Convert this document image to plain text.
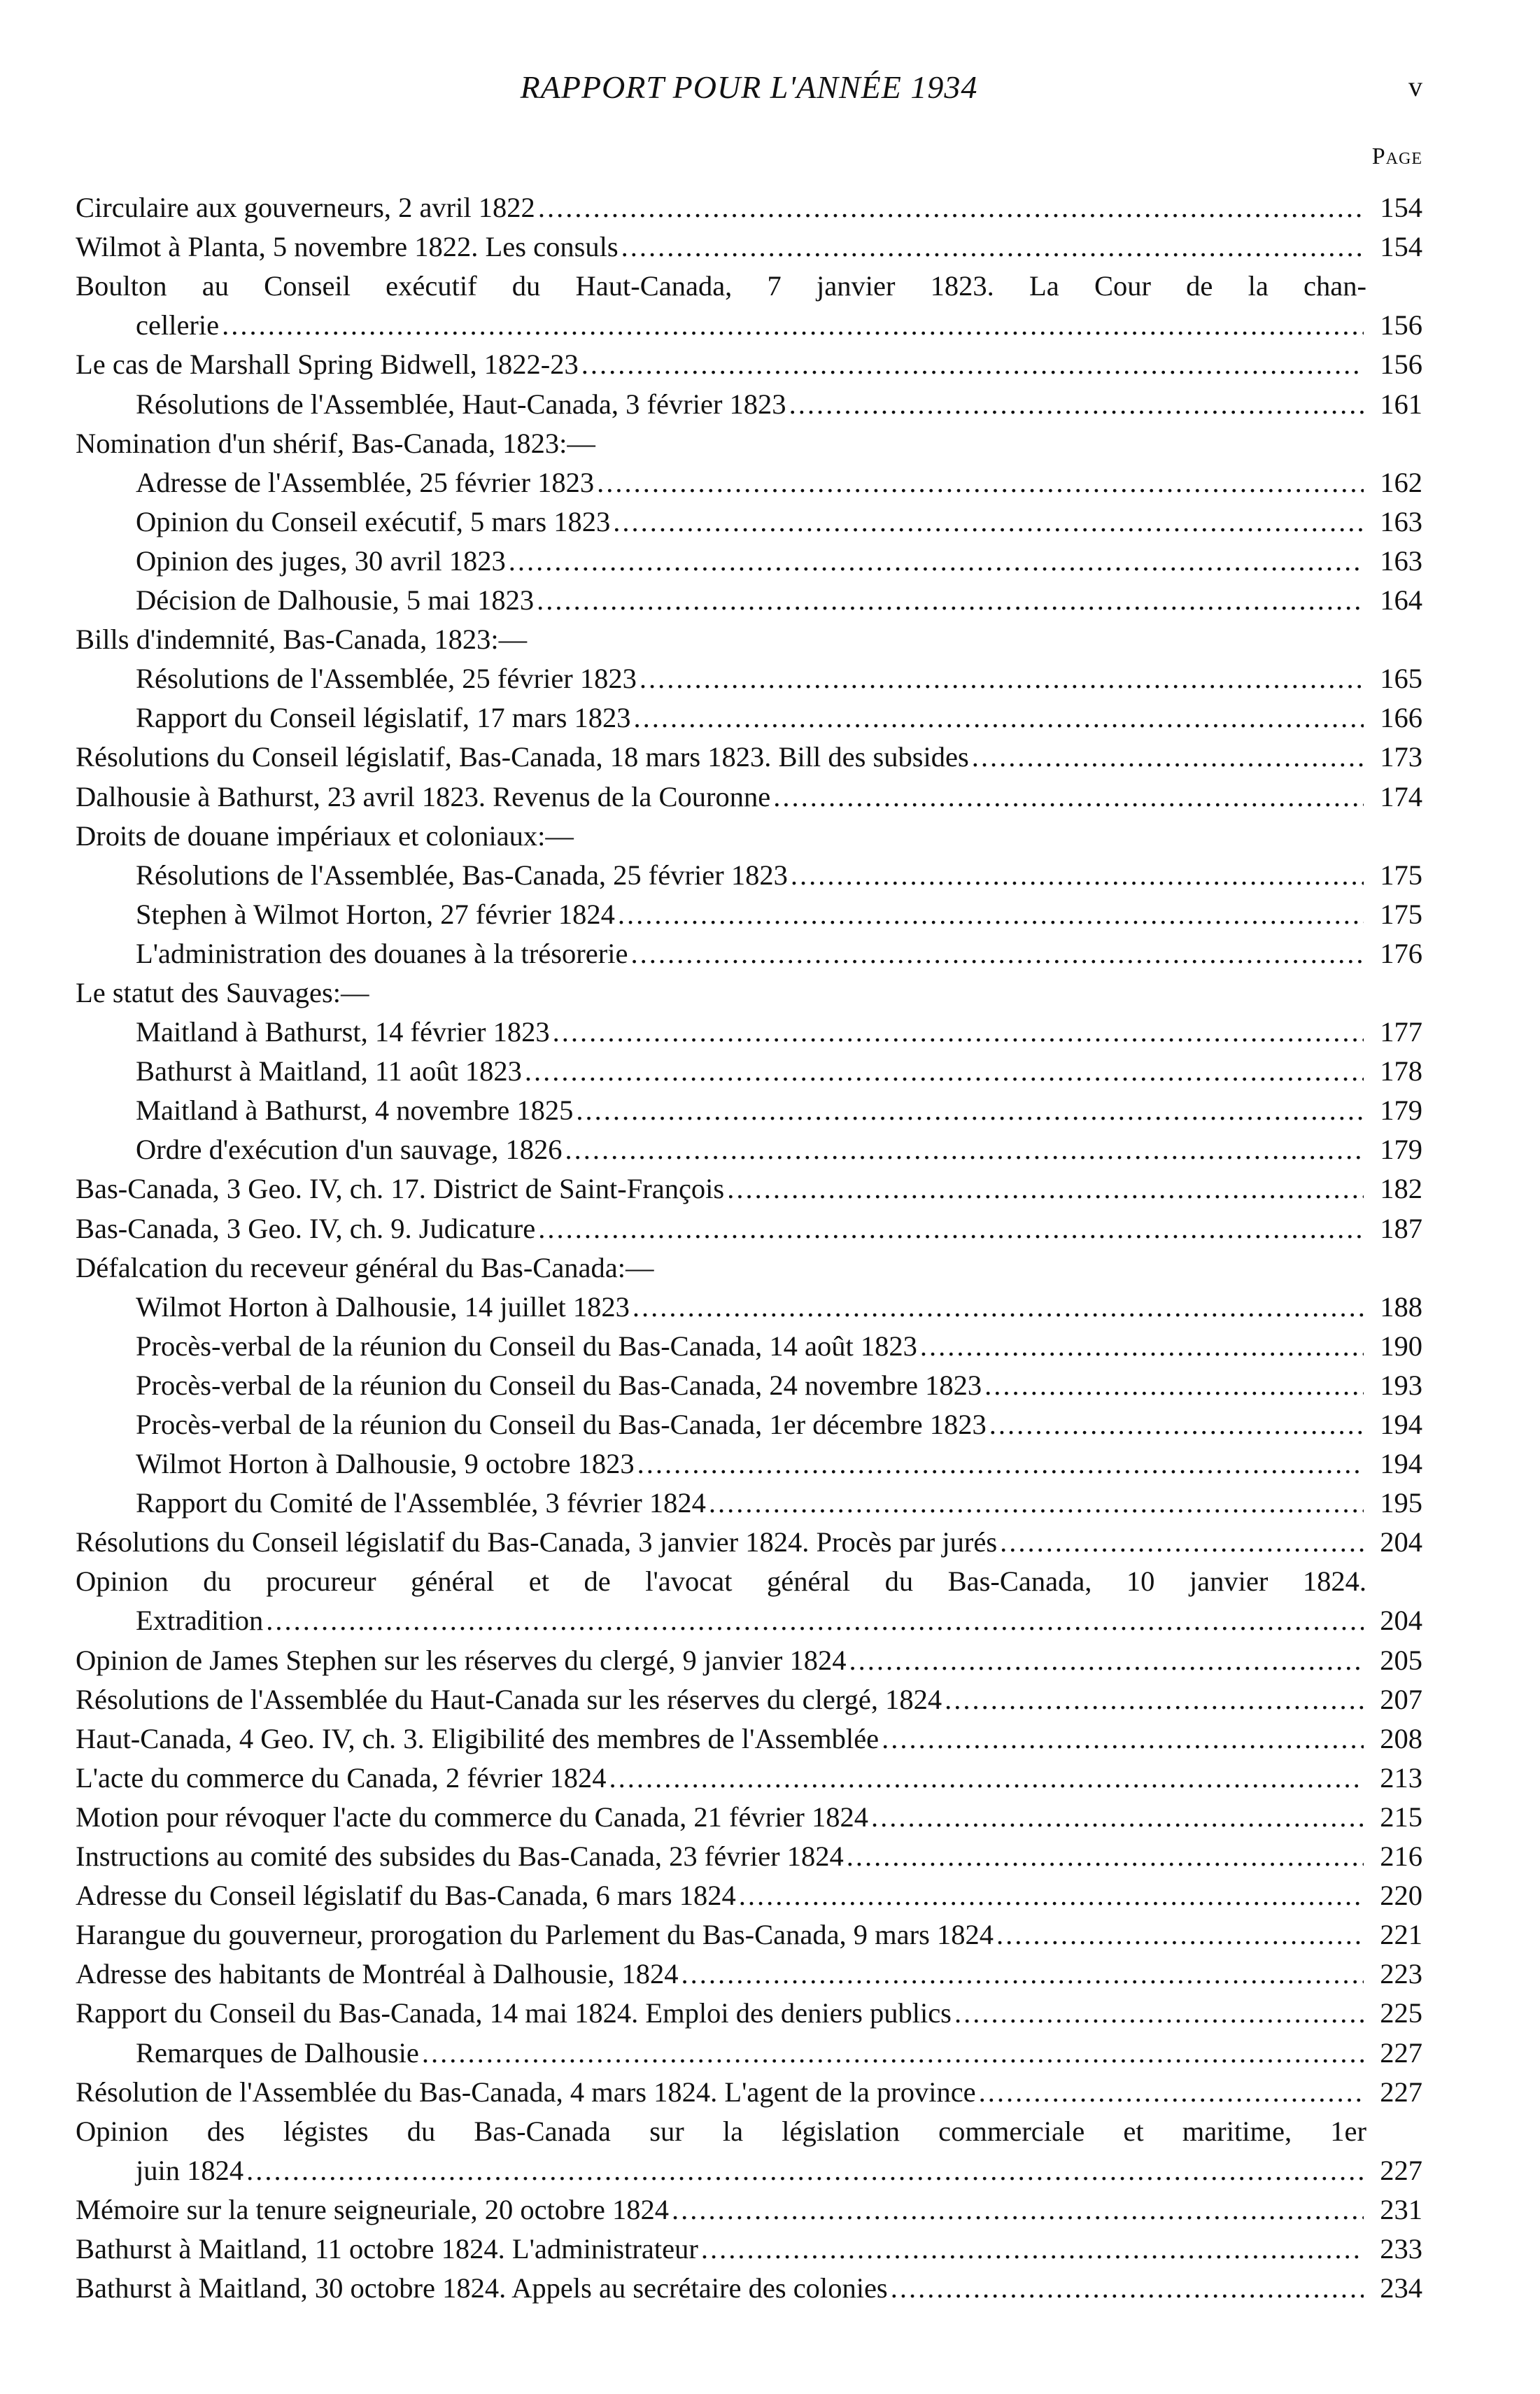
RAPPORT POUR L'ANNÉE 1934	v
Page
Circulaire aux gouverneurs, 2 avril 1822 .....	154
Wilmot à Planta, 5 novembre 1822. Les consuls .....	154
Boulton au Conseil exécutif du Haut-Canada, 7 janvier 1823. La Cour de la chan-
cellerie .....	156
Le cas de Marshall Spring Bidwell, 1822-23 .....	156
Résolutions de l'Assemblée, Haut-Canada, 3 février 1823 .....	161
Nomination d'un shérif, Bas-Canada, 1823:—
Adresse de l'Assemblée, 25 février 1823 .....	162
Opinion du Conseil exécutif, 5 mars 1823 .....	163
Opinion des juges, 30 avril 1823 .....	163
Décision de Dalhousie, 5 mai 1823 .....	164
Bills d'indemnité, Bas-Canada, 1823:—
Résolutions de l'Assemblée, 25 février 1823 .....	165
Rapport du Conseil législatif, 17 mars 1823 .....	166
Résolutions du Conseil législatif, Bas-Canada, 18 mars 1823. Bill des subsides .....	173
Dalhousie à Bathurst, 23 avril 1823. Revenus de la Couronne .....	174
Droits de douane impériaux et coloniaux:—
Résolutions de l'Assemblée, Bas-Canada, 25 février 1823 .....	175
Stephen à Wilmot Horton, 27 février 1824 .....	175
L'administration des douanes à la trésorerie .....	176
Le statut des Sauvages:—
Maitland à Bathurst, 14 février 1823 .....	177
Bathurst à Maitland, 11 août 1823 .....	178
Maitland à Bathurst, 4 novembre 1825 .....	179
Ordre d'exécution d'un sauvage, 1826 .....	179
Bas-Canada, 3 Geo. IV, ch. 17. District de Saint-François .....	182
Bas-Canada, 3 Geo. IV, ch. 9. Judicature .....	187
Défalcation du receveur général du Bas-Canada:—
Wilmot Horton à Dalhousie, 14 juillet 1823 .....	188
Procès-verbal de la réunion du Conseil du Bas-Canada, 14 août 1823 .....	190
Procès-verbal de la réunion du Conseil du Bas-Canada, 24 novembre 1823 .....	193
Procès-verbal de la réunion du Conseil du Bas-Canada, 1er décembre 1823 .....	194
Wilmot Horton à Dalhousie, 9 octobre 1823 .....	194
Rapport du Comité de l'Assemblée, 3 février 1824 .....	195
Résolutions du Conseil législatif du Bas-Canada, 3 janvier 1824. Procès par jurés .....	204
Opinion du procureur général et de l'avocat général du Bas-Canada, 10 janvier 1824.
Extradition .....	204
Opinion de James Stephen sur les réserves du clergé, 9 janvier 1824 .....	205
Résolutions de l'Assemblée du Haut-Canada sur les réserves du clergé, 1824 .....	207
Haut-Canada, 4 Geo. IV, ch. 3. Eligibilité des membres de l'Assemblée .....	208
L'acte du commerce du Canada, 2 février 1824 .....	213
Motion pour révoquer l'acte du commerce du Canada, 21 février 1824 .....	215
Instructions au comité des subsides du Bas-Canada, 23 février 1824 .....	216
Adresse du Conseil législatif du Bas-Canada, 6 mars 1824 .....	220
Harangue du gouverneur, prorogation du Parlement du Bas-Canada, 9 mars 1824 .....	221
Adresse des habitants de Montréal à Dalhousie, 1824 .....	223
Rapport du Conseil du Bas-Canada, 14 mai 1824. Emploi des deniers publics .....	225
Remarques de Dalhousie .....	227
Résolution de l'Assemblée du Bas-Canada, 4 mars 1824. L'agent de la province .....	227
Opinion des légistes du Bas-Canada sur la législation commerciale et maritime, 1er
juin 1824 .....	227
Mémoire sur la tenure seigneuriale, 20 octobre 1824 .....	231
Bathurst à Maitland, 11 octobre 1824. L'administrateur .....	233
Bathurst à Maitland, 30 octobre 1824. Appels au secrétaire des colonies .....	234
